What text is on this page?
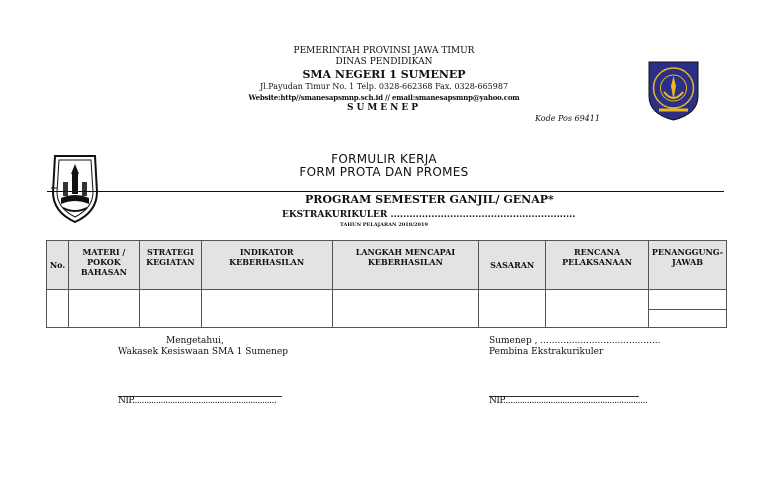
PEMERINTAH PROVINSI JAWA TIMUR
DINAS PENDIDIKAN
SMA NEGERI 1 SUMENEP
Jl.Payudan Timur No. 1 Telp. 0328-662368 Fax. 0328-665987
Website:http//smanesapsmnp.sch.id // email:smanesapsmnp@yahoo.com
SUMENEP
Kode Pos 69411
FORMULIR KERJA
FORM PROTA DAN PROMES
PROGRAM SEMESTER GANJIL/ GENAP*
EKSTRAKURIKULER ...........................................................
TAHUN PELAJARAN 2018/2019
No.	MATERI / POKOK BAHASAN	STRATEGI KEGIATAN	INDIKATOR KEBERHASILAN	LANGKAH MENCAPAI KEBERHASILAN	SASARAN	RENCANA PELAKSANAAN	PENANGGUNG-JAWAB

Mengetahui,
Wakasek Kesiswaan SMA 1 Sumenep
NIP.............................................................
Sumenep , ..........................................
Pembina Ekstrakurikuler
NIP.............................................................
